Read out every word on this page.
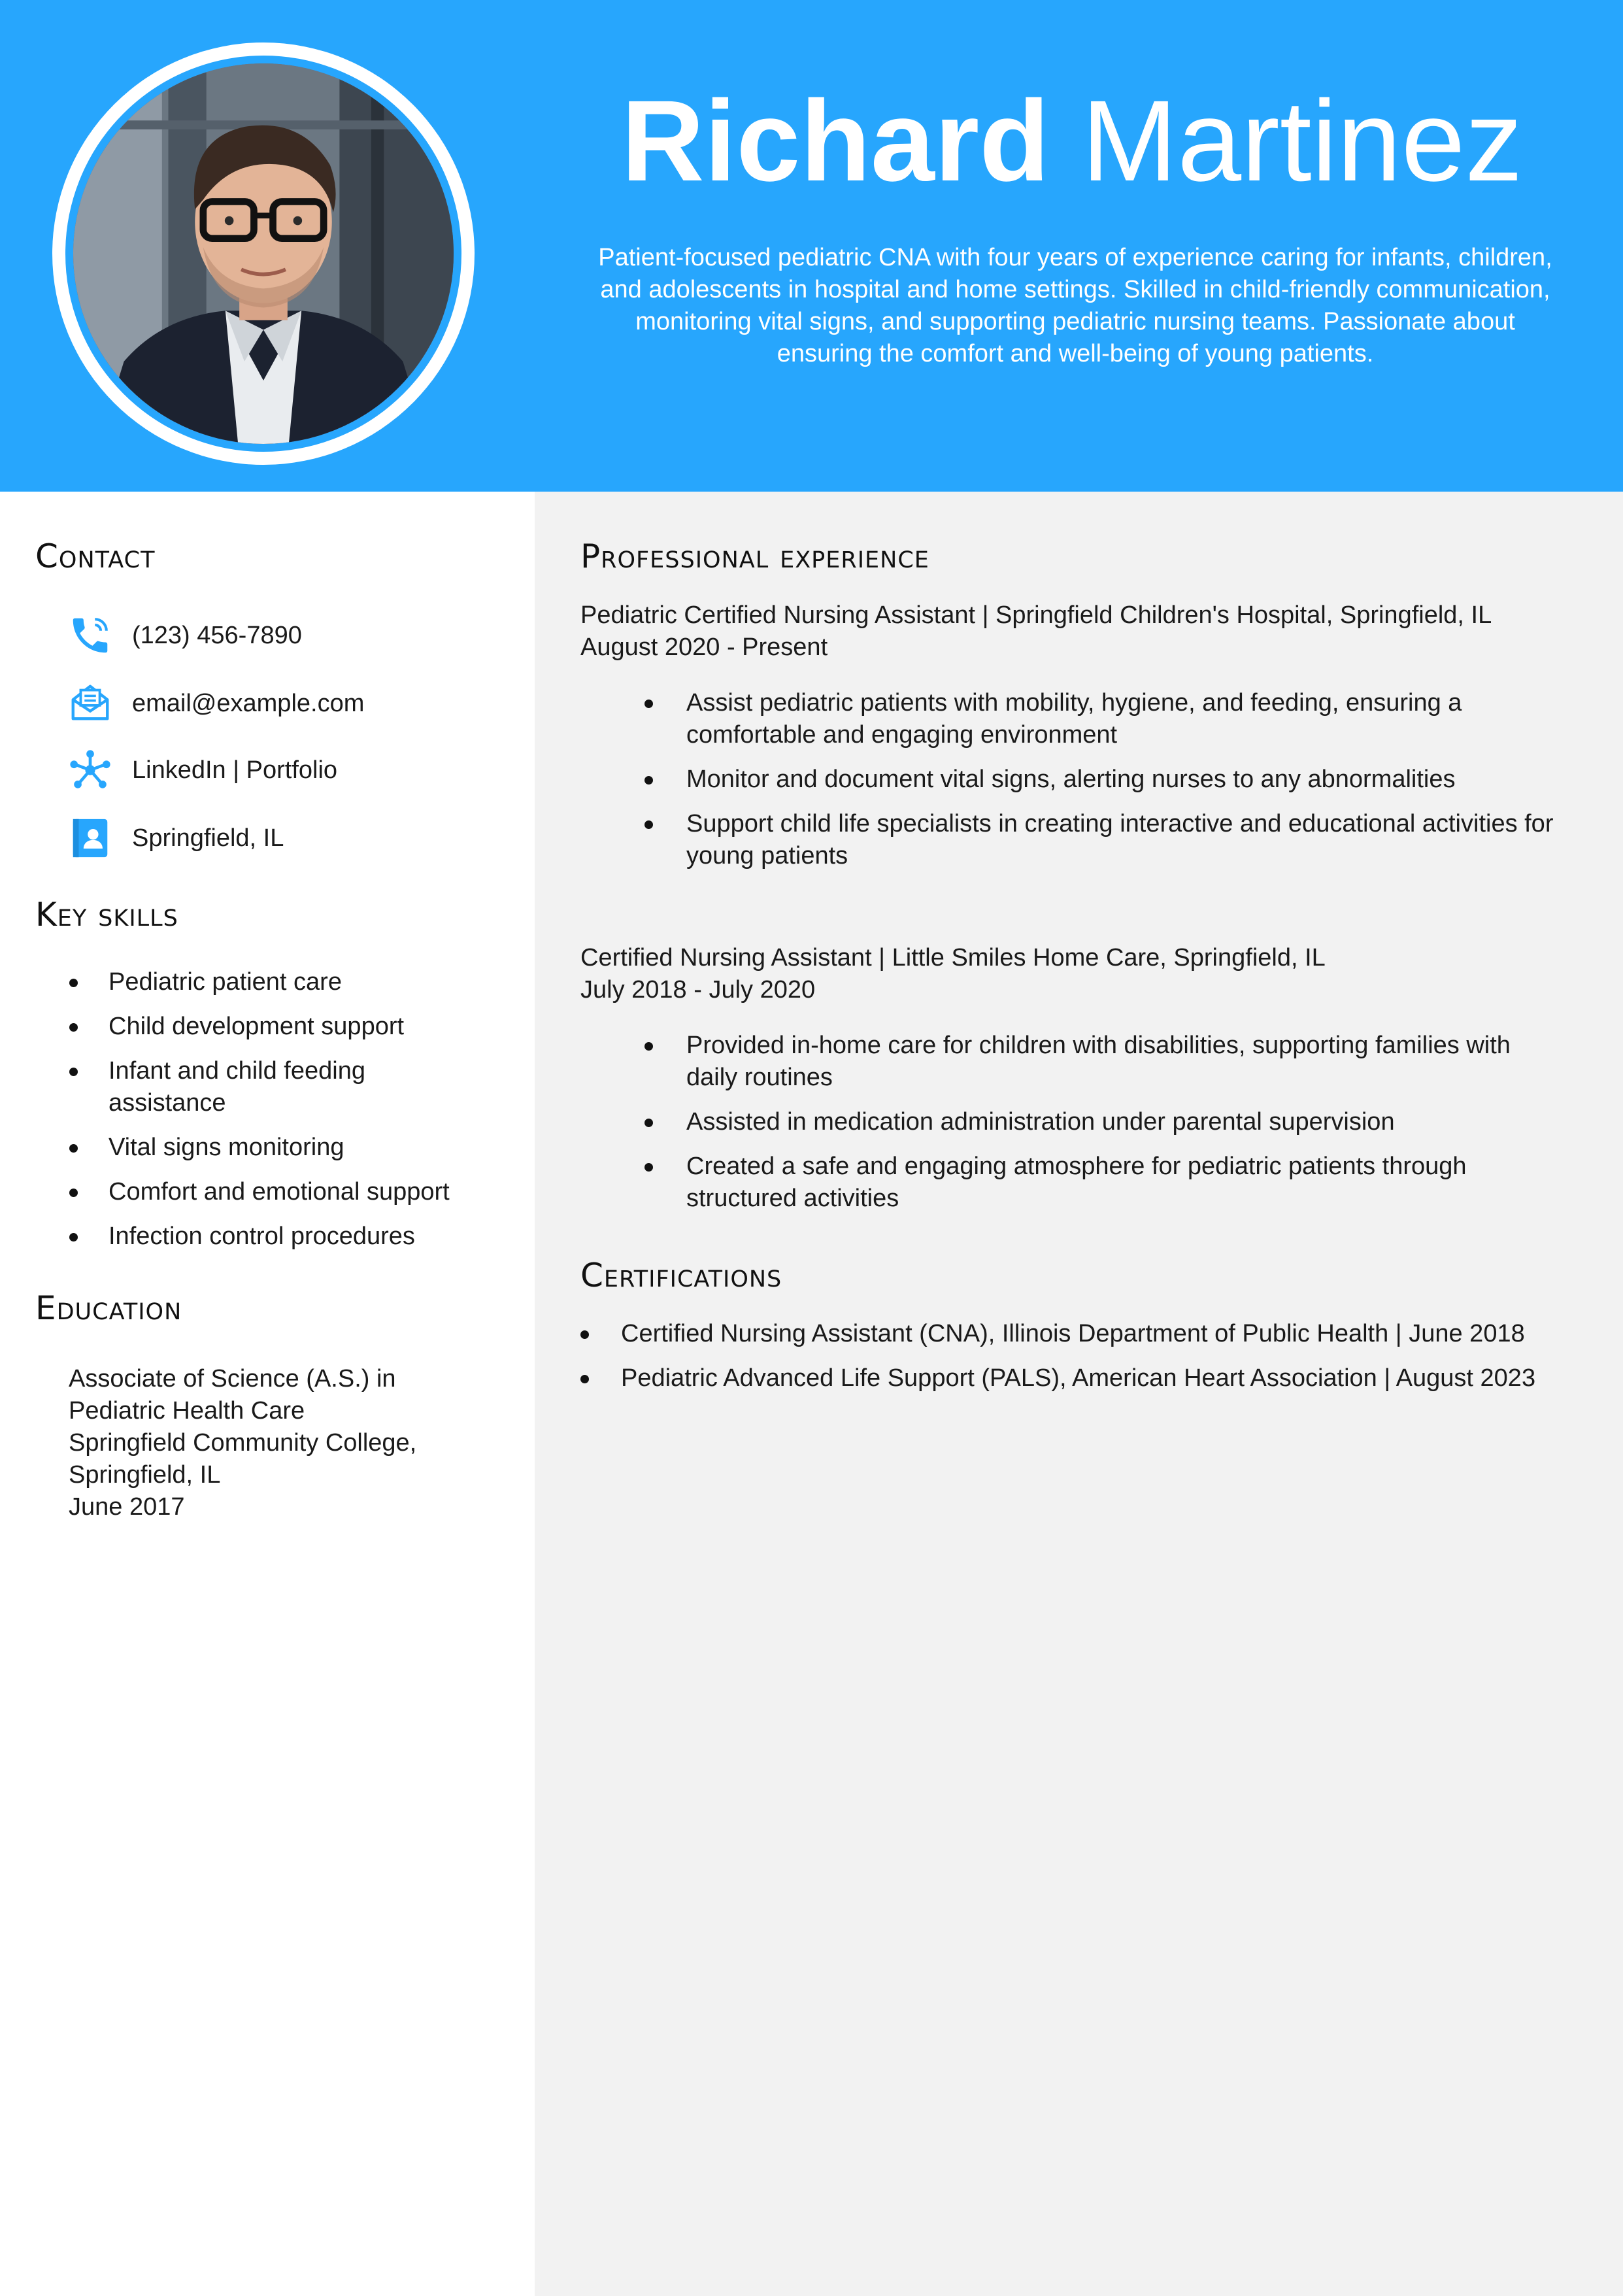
Richard Martinez
Patient-focused pediatric CNA with four years of experience caring for infants, children, and adolescents in hospital and home settings. Skilled in child-friendly communication, monitoring vital signs, and supporting pediatric nursing teams. Passionate about ensuring the comfort and well-being of young patients.
Contact
(123) 456-7890
email@example.com
LinkedIn | Portfolio
Springfield, IL
Key skills
Pediatric patient care
Child development support
Infant and child feeding assistance
Vital signs monitoring
Comfort and emotional support
Infection control procedures
Education
Associate of Science (A.S.) in
Pediatric Health Care
Springfield Community College,
Springfield, IL
June 2017
Professional experience
Pediatric Certified Nursing Assistant | Springfield Children's Hospital, Springfield, IL
August 2020 - Present
Assist pediatric patients with mobility, hygiene, and feeding, ensuring a comfortable and engaging environment
Monitor and document vital signs, alerting nurses to any abnormalities
Support child life specialists in creating interactive and educational activities for young patients
Certified Nursing Assistant | Little Smiles Home Care, Springfield, IL
July 2018 - July 2020
Provided in-home care for children with disabilities, supporting families with daily routines
Assisted in medication administration under parental supervision
Created a safe and engaging atmosphere for pediatric patients through structured activities
Certifications
Certified Nursing Assistant (CNA), Illinois Department of Public Health | June 2018
Pediatric Advanced Life Support (PALS), American Heart Association | August 2023
